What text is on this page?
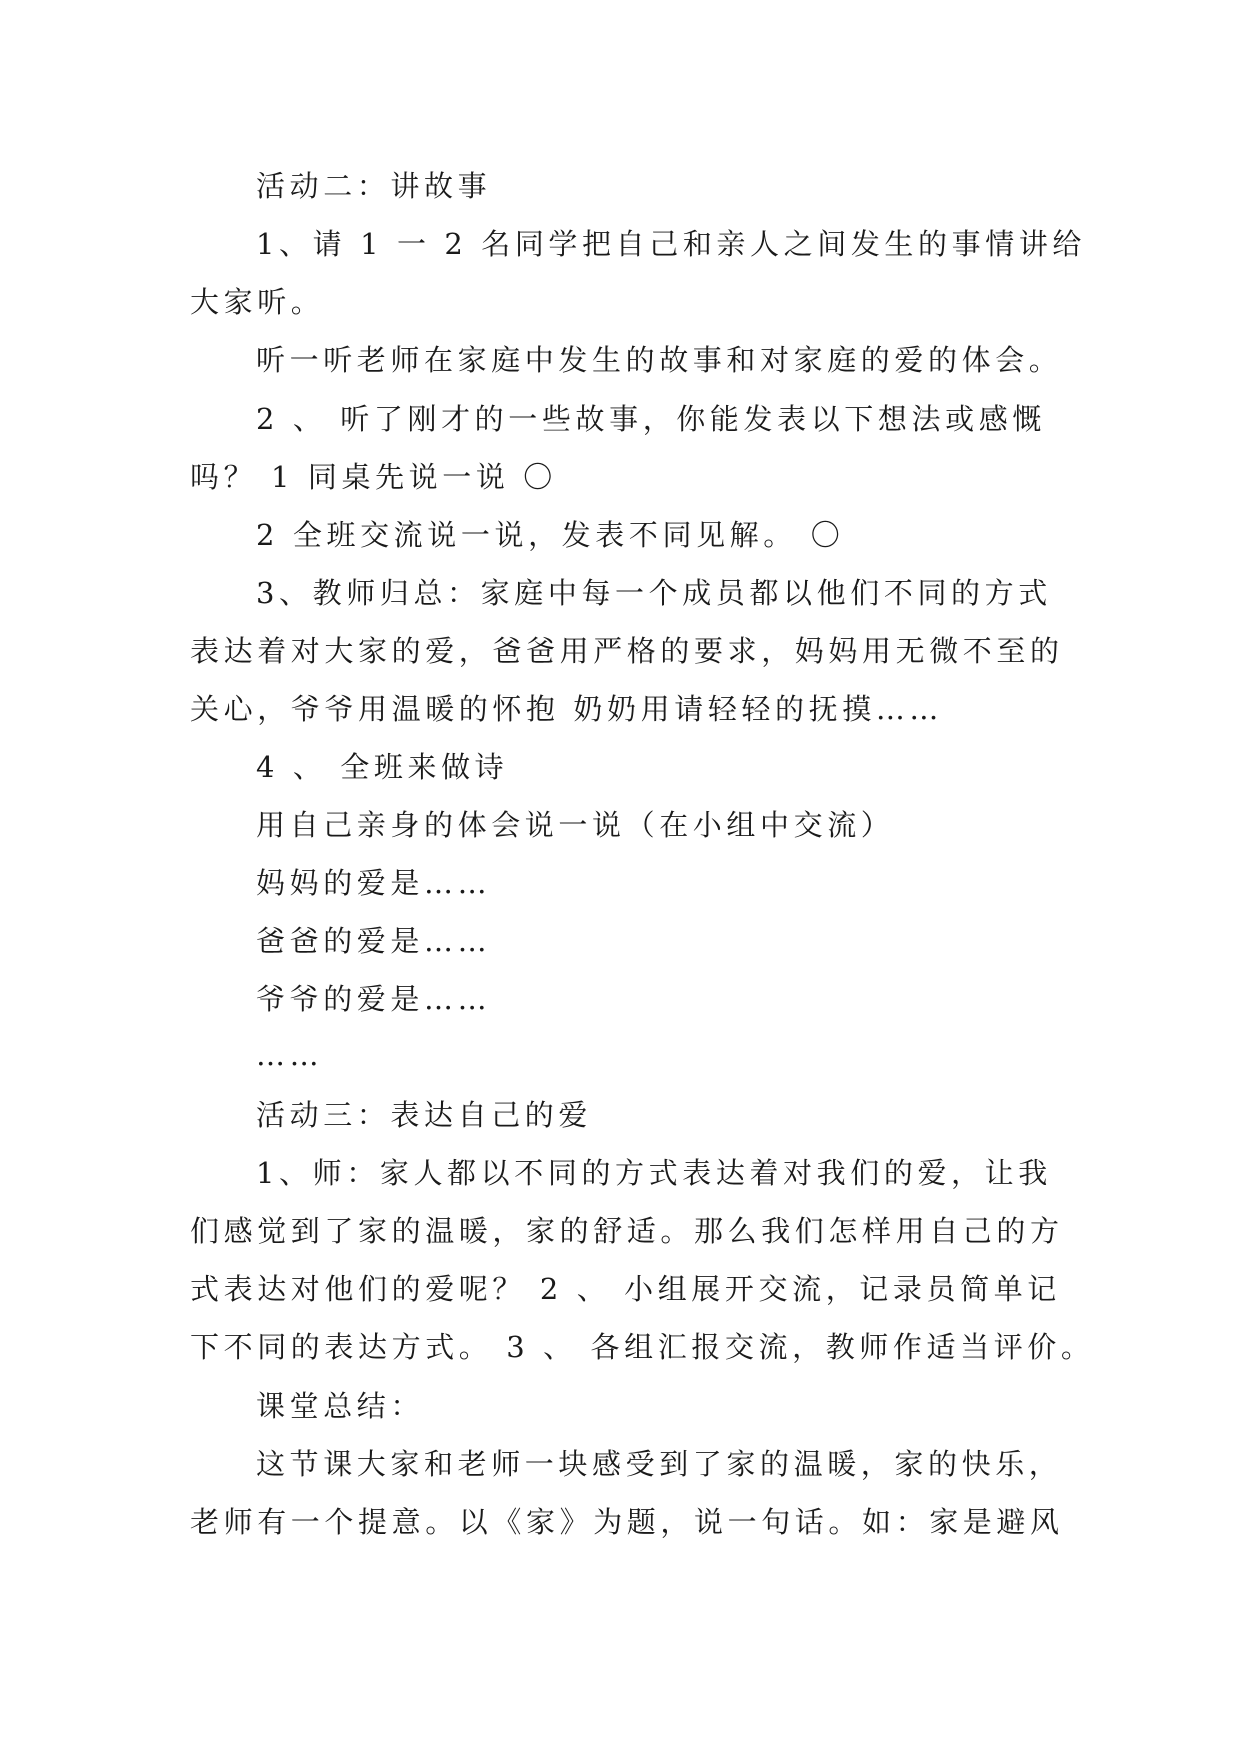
活动二：讲故事
1、请 1 一 2 名同学把自己和亲人之间发生的事情讲给
大家听。
听一听老师在家庭中发生的故事和对家庭的爱的体会。
2 、 听了刚才的一些故事，你能发表以下想法或感慨
吗？ 1 同桌先说一说 〇
2 全班交流说一说，发表不同见解。 〇
3、教师归总：家庭中每一个成员都以他们不同的方式
表达着对大家的爱，爸爸用严格的要求，妈妈用无微不至的
关心，爷爷用温暖的怀抱 奶奶用请轻轻的抚摸……
4 、 全班来做诗
用自己亲身的体会说一说（在小组中交流）
妈妈的爱是……
爸爸的爱是……
爷爷的爱是……
……
活动三：表达自己的爱
1、师：家人都以不同的方式表达着对我们的爱，让我
们感觉到了家的温暖，家的舒适。那么我们怎样用自己的方
式表达对他们的爱呢？ 2 、 小组展开交流，记录员简单记
下不同的表达方式。 3 、 各组汇报交流，教师作适当评价。
课堂总结：
这节课大家和老师一块感受到了家的温暖，家的快乐，
老师有一个提意。以《家》为题，说一句话。如：家是避风
